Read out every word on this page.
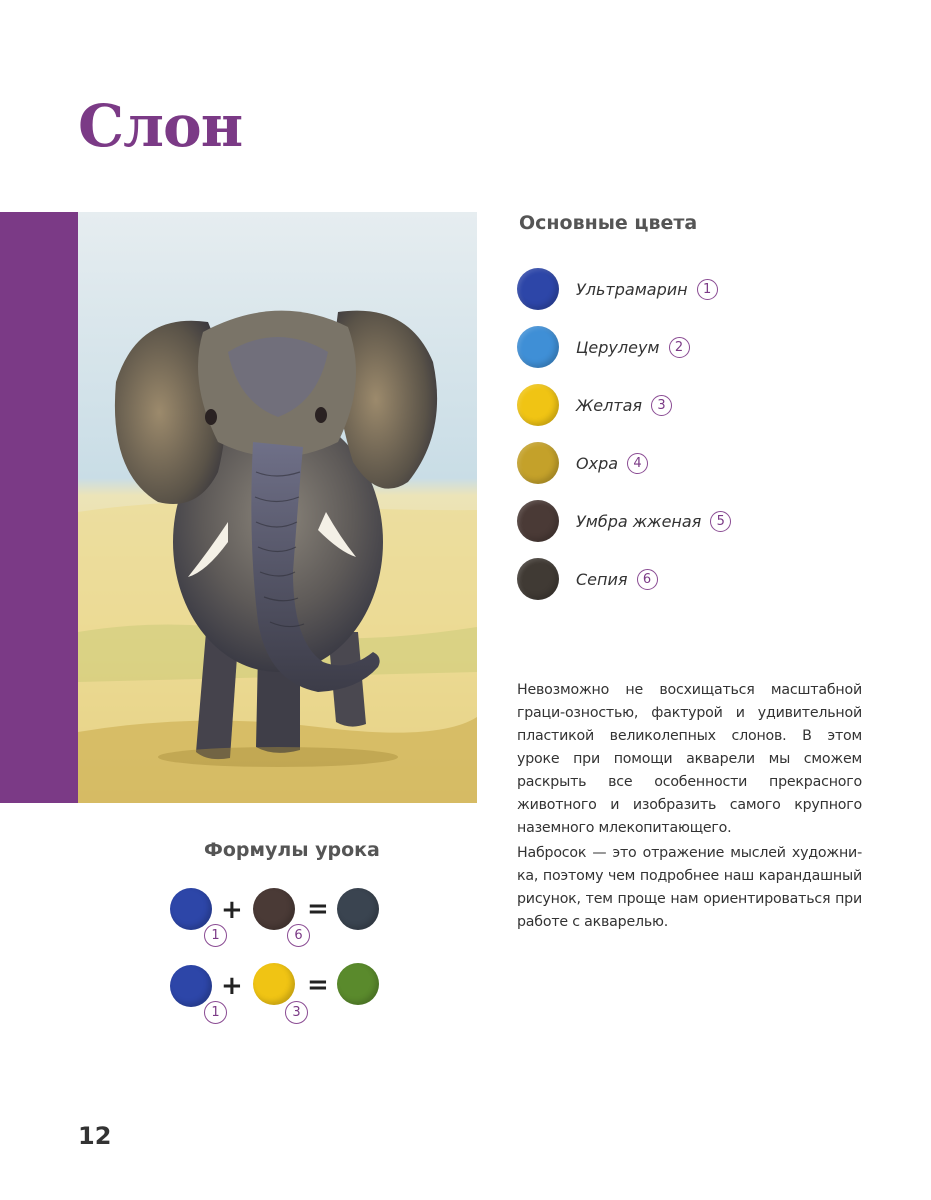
Слон
Основные цвета
Ультрамарин	1
Церулеум	2
Желтая	3
Охра	4
Умбра жженая	5
Сепия	6

Невозможно не восхищаться масштабной граци-озностью, фактурой и удивительной пластикой великолепных слонов. В этом уроке при помощи акварели мы сможем раскрыть все особенности прекрасного животного и изобразить самого крупного наземного млекопитающего.

Набросок — это отражение мыслей художни-ка, поэтому чем подробнее наш карандашный рисунок, тем проще нам ориентироваться при работе с акварелью.

Формулы урока
1
+
6
=
1
+
3
=

12
